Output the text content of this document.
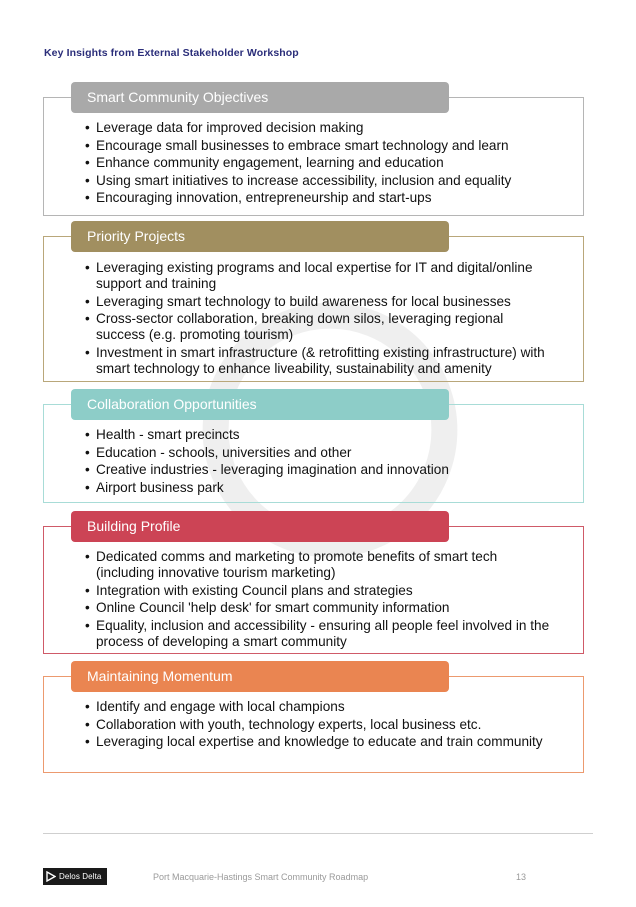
Key Insights from External Stakeholder Workshop
Smart Community Objectives
• Leverage data for improved decision making
• Encourage small businesses to embrace smart technology and learn
• Enhance community engagement, learning and education
• Using smart initiatives to increase accessibility, inclusion and equality
• Encouraging innovation, entrepreneurship and start-ups
Priority Projects
• Leveraging existing programs and local expertise for IT and digital/online support and training
• Leveraging smart technology to build awareness for local businesses
• Cross-sector collaboration, breaking down silos, leveraging regional success (e.g. promoting tourism)
• Investment in smart infrastructure (& retrofitting existing infrastructure) with smart technology to enhance liveability, sustainability and amenity
Collaboration Opportunities
• Health - smart precincts
• Education - schools, universities and other
• Creative industries - leveraging imagination and innovation
• Airport business park
Building Profile
• Dedicated comms and marketing to promote benefits of smart tech (including innovative tourism marketing)
• Integration with existing Council plans and strategies
• Online Council 'help desk' for smart community information
• Equality, inclusion and accessibility - ensuring all people feel involved in the process of developing a smart community
Maintaining Momentum
• Identify and engage with local champions
• Collaboration with youth, technology experts, local business etc.
• Leveraging local expertise and knowledge to educate and train community
Delos Delta	Port Macquarie-Hastings Smart Community Roadmap	13
